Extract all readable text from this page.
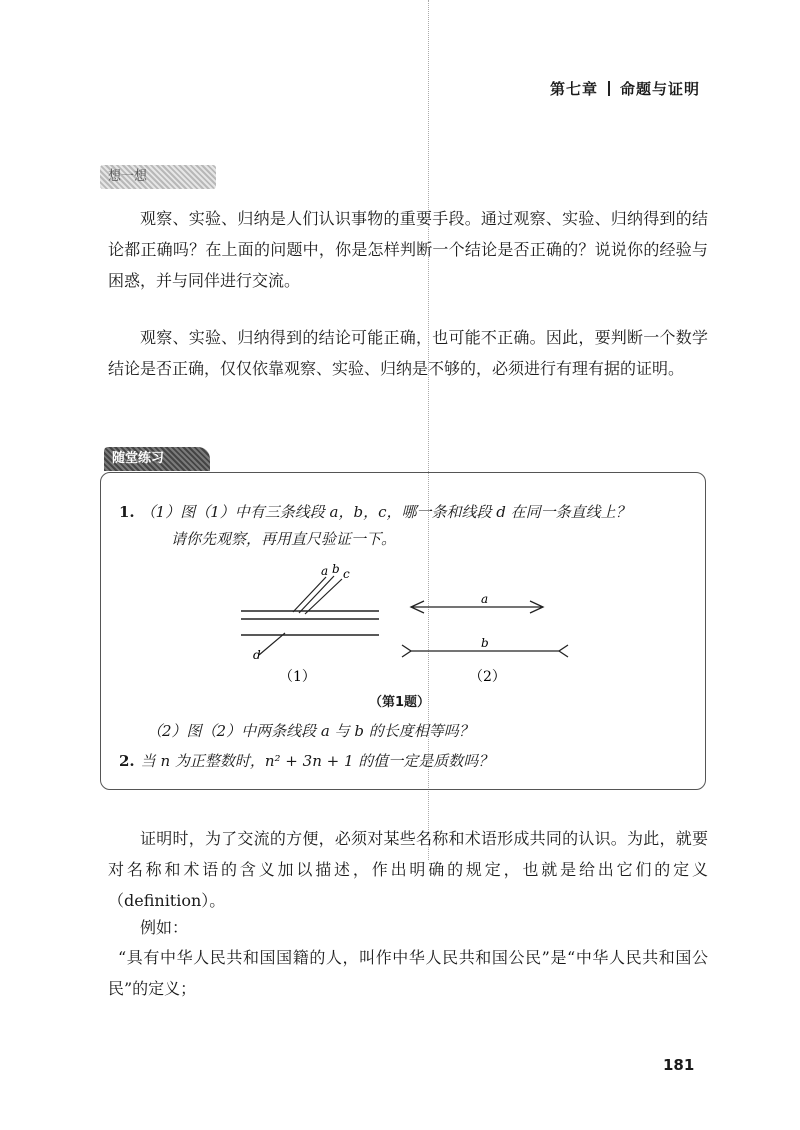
第七章 命题与证明
想一想

观察、实验、归纳是人们认识事物的重要手段。通过观察、实验、归纳得到的结论都正确吗？在上面的问题中，你是怎样判断一个结论是否正确的？说说你的经验与困惑，并与同伴进行交流。

观察、实验、归纳得到的结论可能正确，也可能不正确。因此，要判断一个数学结论是否正确，仅仅依靠观察、实验、归纳是不够的，必须进行有理有据的证明。

随堂练习

1. （1）图（1）中有三条线段 a，b，c，哪一条和线段 d 在同一条直线上？

请你先观察，再用直尺验证一下。

a b c
d
（1）
a
b
（2）
（第1题）

（2）图（2）中两条线段 a 与 b 的长度相等吗？

2. 当 n 为正整数时，n² + 3n + 1 的值一定是质数吗？

证明时，为了交流的方便，必须对某些名称和术语形成共同的认识。为此，就要对名称和术语的含义加以描述，作出明确的规定，也就是给出它们的定义（definition）。

例如：

“具有中华人民共和国国籍的人，叫作中华人民共和国公民”是“中华人民共和国公民”的定义；

181
